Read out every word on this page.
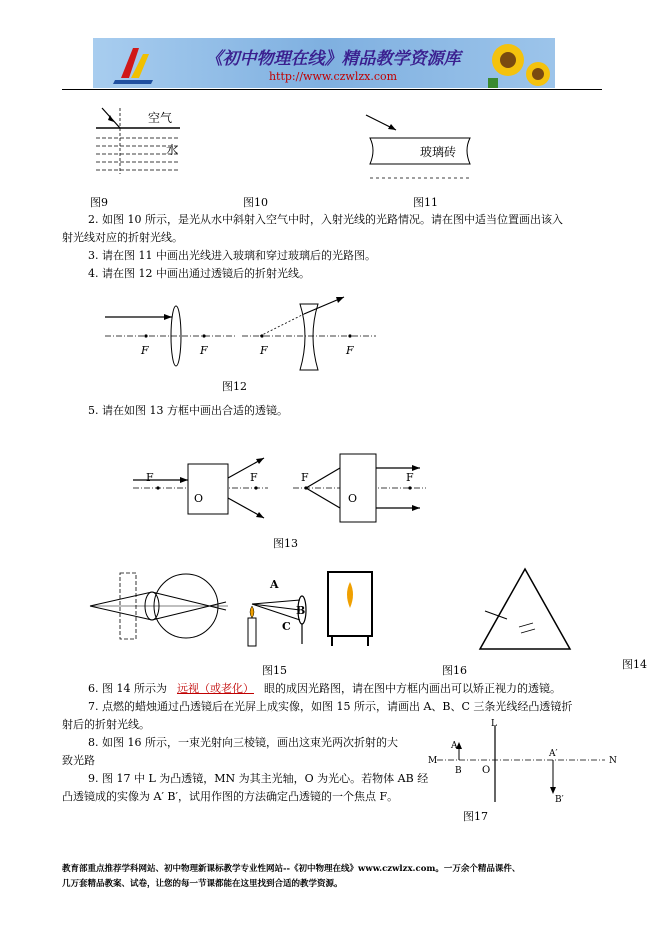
《初中物理在线》精品教学资源库
http://www.czwlzx.com
空气
水
图9	图10
玻璃砖
图11
2. 如图 10 所示，是光从水中斜射入空气中时，入射光线的光路情况。请在图中适当位置画出该入
射光线对应的折射光线。
3. 请在图 11 中画出光线进入玻璃和穿过玻璃后的光路图。
4. 请在图 12 中画出通过透镜后的折射光线。
F	F	F	F
图12
5. 请在如图 13 方框中画出合适的透镜。
F	F
O
F	F
O
图13
A
B
C
图15	图16	图14
6. 图 14 所示为 远视（或老化） 眼的成因光路图，请在图中方框内画出可以矫正视力的透镜。
7. 点燃的蜡烛通过凸透镜后在光屏上成实像，如图 15 所示，请画出 A、B、C 三条光线经凸透镜折
射后的折射光线。
8. 如图 16 所示，一束光射向三棱镜，画出这束光两次折射的大
致光路
9. 图 17 中 L 为凸透镜，MN 为其主光轴，O 为光心。若物体 AB 经
凸透镜成的实像为 A′ B′，试用作图的方法确定凸透镜的一个焦点 F。
L
M	N
O
A
B
A′
B′
图17
教育部重点推荐学科网站、初中物理新课标教学专业性网站--《初中物理在线》www.czwlzx.com。一万余个精品课件、
几万套精品教案、试卷，让您的每一节课都能在这里找到合适的教学资源。
